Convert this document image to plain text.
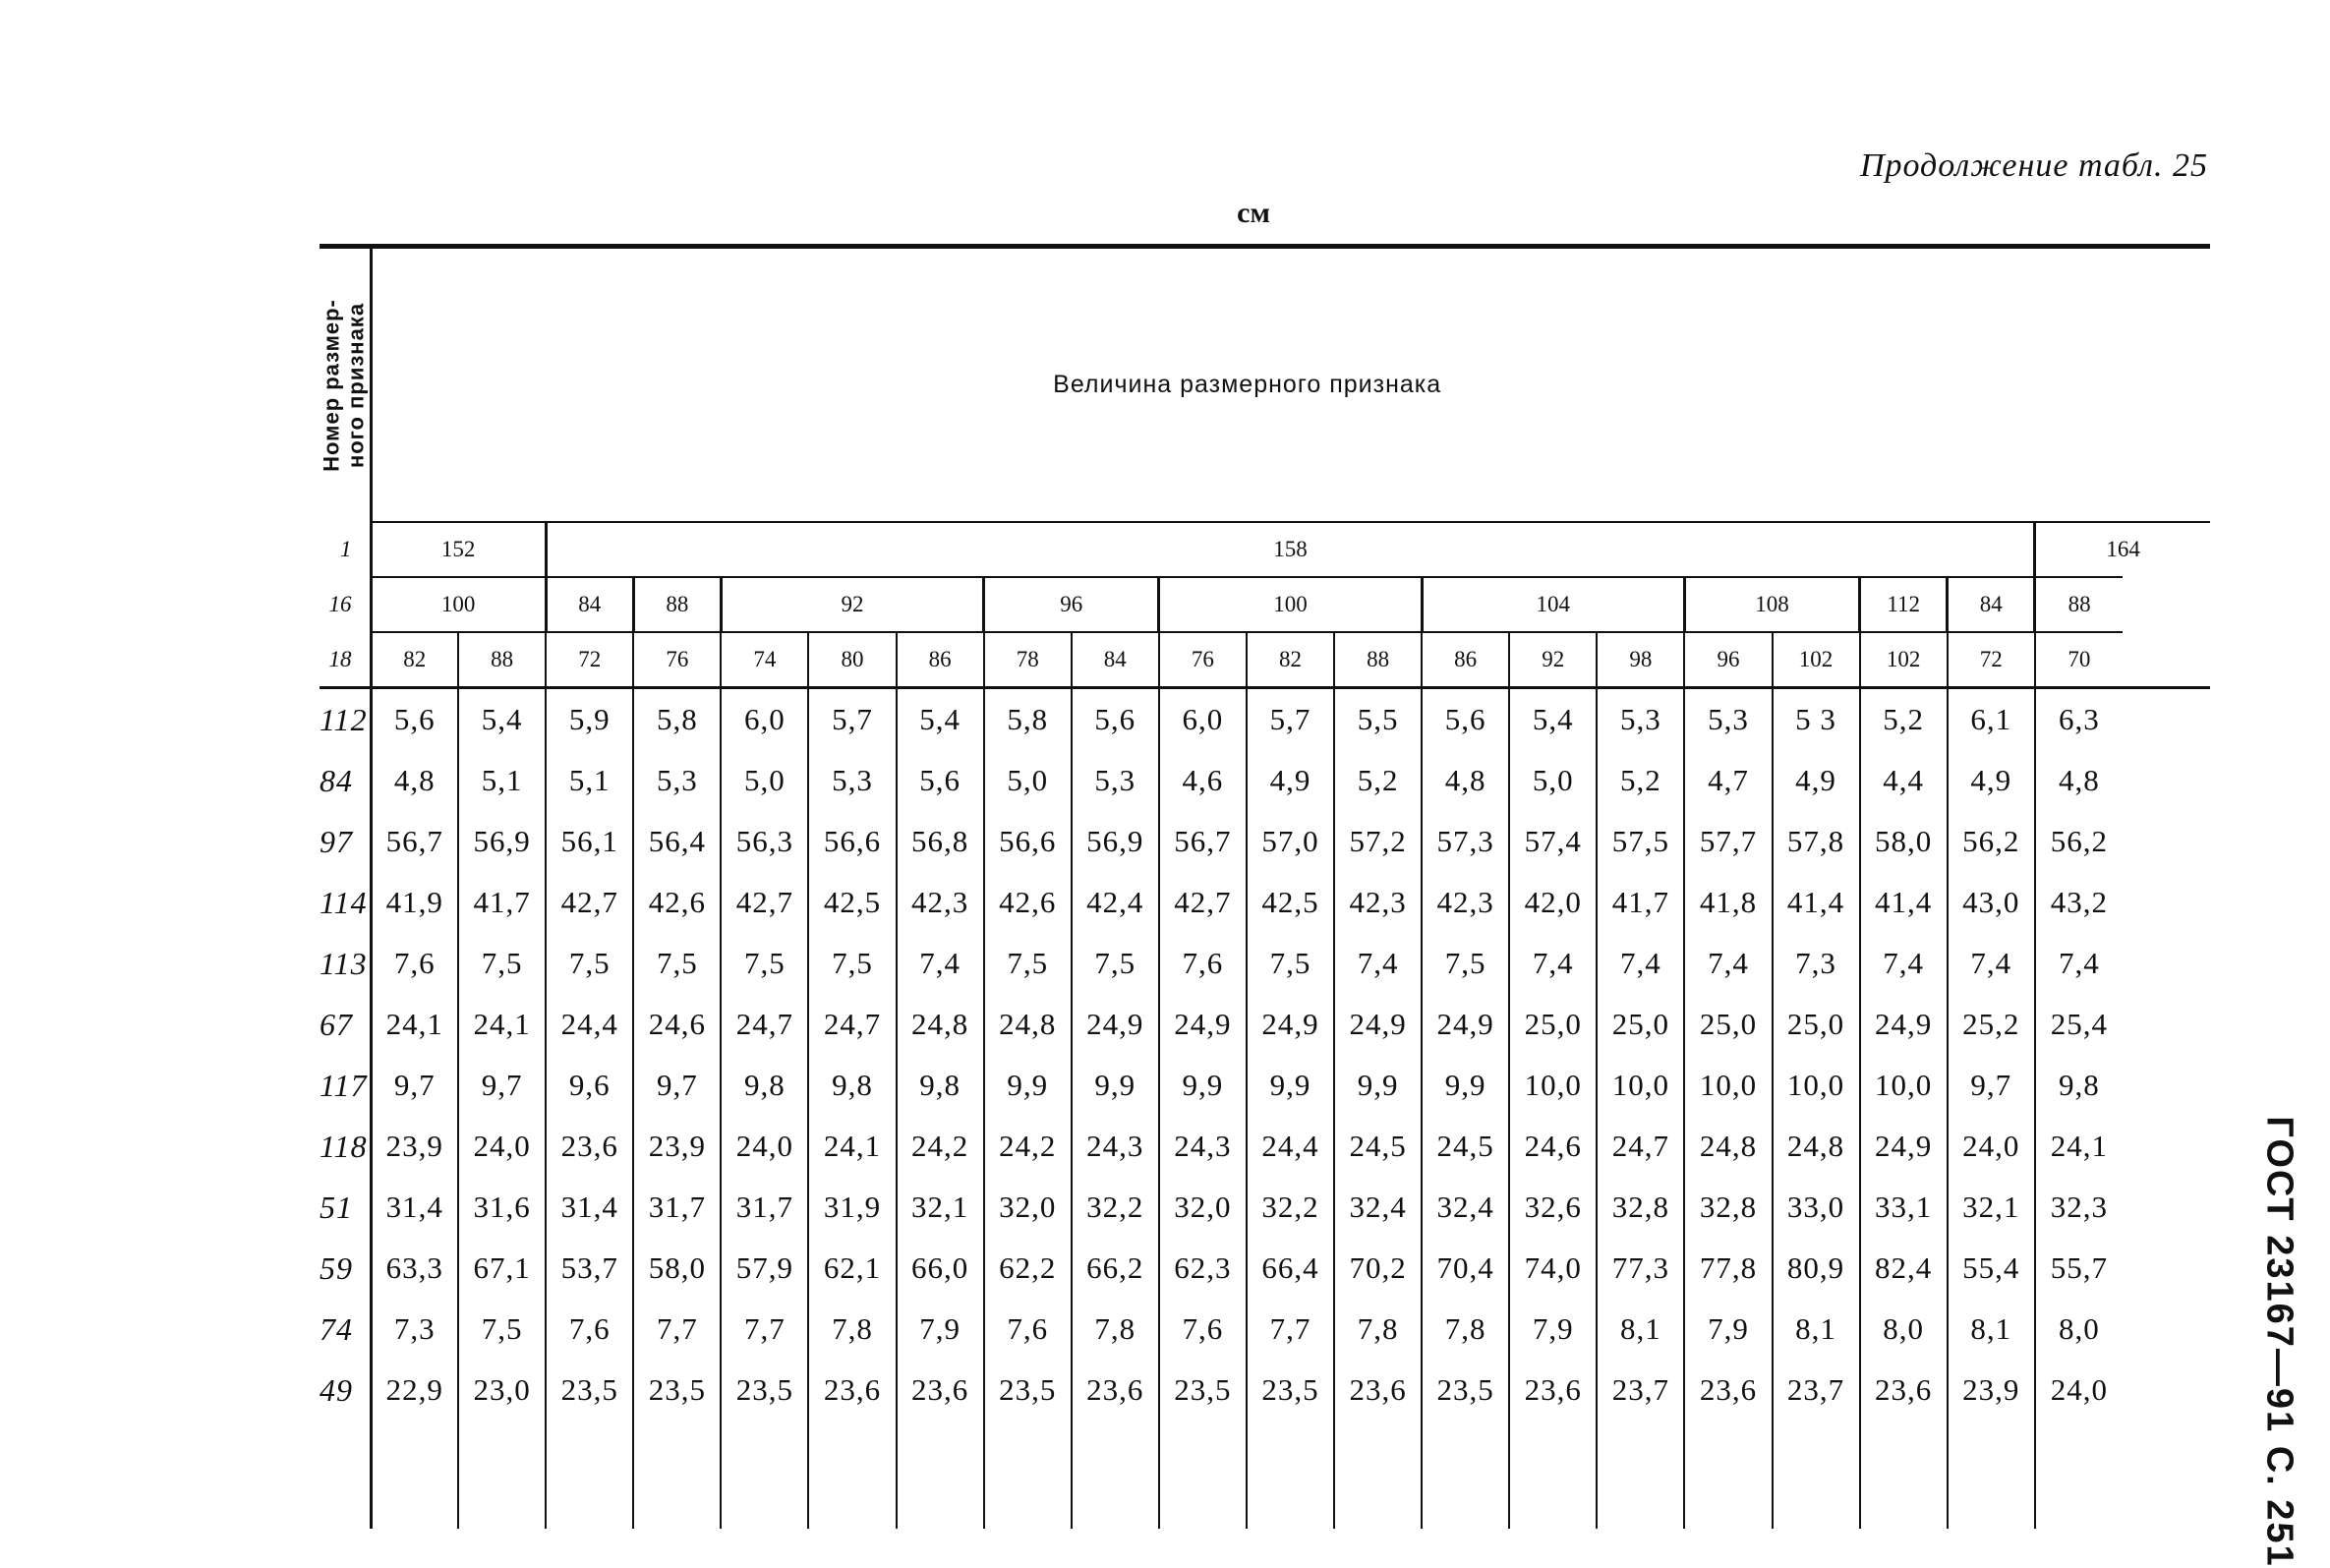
Продолжение табл. 25
см
ГОСТ 23167—91 С. 251
Номер размер-
ного признака	Величина размерного признака																			
1	152		158																	164
16	100		84	88	92			96		100			104			108		112	84	88
18	82	88	72	76	74	80	86	78	84	76	82	88	86	92	98	96	102	102	72	70
112	5,6	5,4	5,9	5,8	6,0	5,7	5,4	5,8	5,6	6,0	5,7	5,5	5,6	5,4	5,3	5,3	5 3	5,2	6,1	6,3
84	4,8	5,1	5,1	5,3	5,0	5,3	5,6	5,0	5,3	4,6	4,9	5,2	4,8	5,0	5,2	4,7	4,9	4,4	4,9	4,8
97	56,7	56,9	56,1	56,4	56,3	56,6	56,8	56,6	56,9	56,7	57,0	57,2	57,3	57,4	57,5	57,7	57,8	58,0	56,2	56,2
114	41,9	41,7	42,7	42,6	42,7	42,5	42,3	42,6	42,4	42,7	42,5	42,3	42,3	42,0	41,7	41,8	41,4	41,4	43,0	43,2
113	7,6	7,5	7,5	7,5	7,5	7,5	7,4	7,5	7,5	7,6	7,5	7,4	7,5	7,4	7,4	7,4	7,3	7,4	7,4	7,4
67	24,1	24,1	24,4	24,6	24,7	24,7	24,8	24,8	24,9	24,9	24,9	24,9	24,9	25,0	25,0	25,0	25,0	24,9	25,2	25,4
117	9,7	9,7	9,6	9,7	9,8	9,8	9,8	9,9	9,9	9,9	9,9	9,9	9,9	10,0	10,0	10,0	10,0	10,0	9,7	9,8
118	23,9	24,0	23,6	23,9	24,0	24,1	24,2	24,2	24,3	24,3	24,4	24,5	24,5	24,6	24,7	24,8	24,8	24,9	24,0	24,1
51	31,4	31,6	31,4	31,7	31,7	31,9	32,1	32,0	32,2	32,0	32,2	32,4	32,4	32,6	32,8	32,8	33,0	33,1	32,1	32,3
59	63,3	67,1	53,7	58,0	57,9	62,1	66,0	62,2	66,2	62,3	66,4	70,2	70,4	74,0	77,3	77,8	80,9	82,4	55,4	55,7
74	7,3	7,5	7,6	7,7	7,7	7,8	7,9	7,6	7,8	7,6	7,7	7,8	7,8	7,9	8,1	7,9	8,1	8,0	8,1	8,0
49	22,9	23,0	23,5	23,5	23,5	23,6	23,6	23,5	23,6	23,5	23,5	23,6	23,5	23,6	23,7	23,6	23,7	23,6	23,9	24,0
